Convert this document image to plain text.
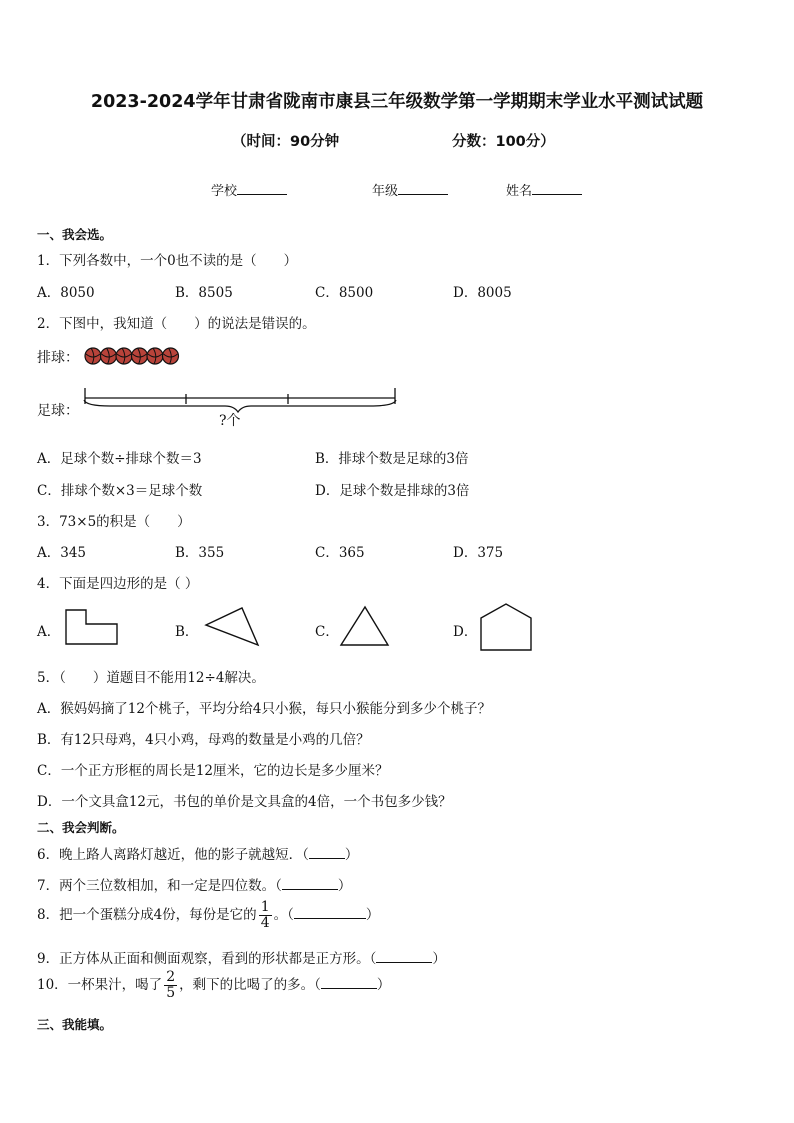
2023-2024学年甘肃省陇南市康县三年级数学第一学期期末学业水平测试试题
（时间：90分钟	分数：100分）
学校	年级	姓名
一、我会选。
1．下列各数中，一个0也不读的是（　　）
A．8050	B．8505	C．8500	D．8005
2．下图中，我知道（　　）的说法是错误的。
排球：
足球：
?个
A．足球个数÷排球个数＝3	B．排球个数是足球的3倍
C．排球个数×3＝足球个数	D．足球个数是排球的3倍
3．73×5的积是（　　）
A．345	B．355	C．365	D．375
4．下面是四边形的是（ ）
A．	B．	C．	D．
5．（　　）道题目不能用12÷4解决。
A．猴妈妈摘了12个桃子，平均分给4只小猴，每只小猴能分到多少个桃子？
B．有12只母鸡，4只小鸡，母鸡的数量是小鸡的几倍？
C．一个正方形框的周长是12厘米，它的边长是多少厘米？
D．一个文具盒12元，书包的单价是文具盒的4倍，一个书包多少钱？
二、我会判断。
6．晚上路人离路灯越近，他的影子就越短．（	）
7．两个三位数相加，和一定是四位数。（	）
8．把一个蛋糕分成4份，每份是它的 $\frac{1}{4}$ 。（	）
9．正方体从正面和侧面观察，看到的形状都是正方形。（	）
10．一杯果汁，喝了 $\frac{2}{5}$ ，剩下的比喝了的多。（	）
三、我能填。
